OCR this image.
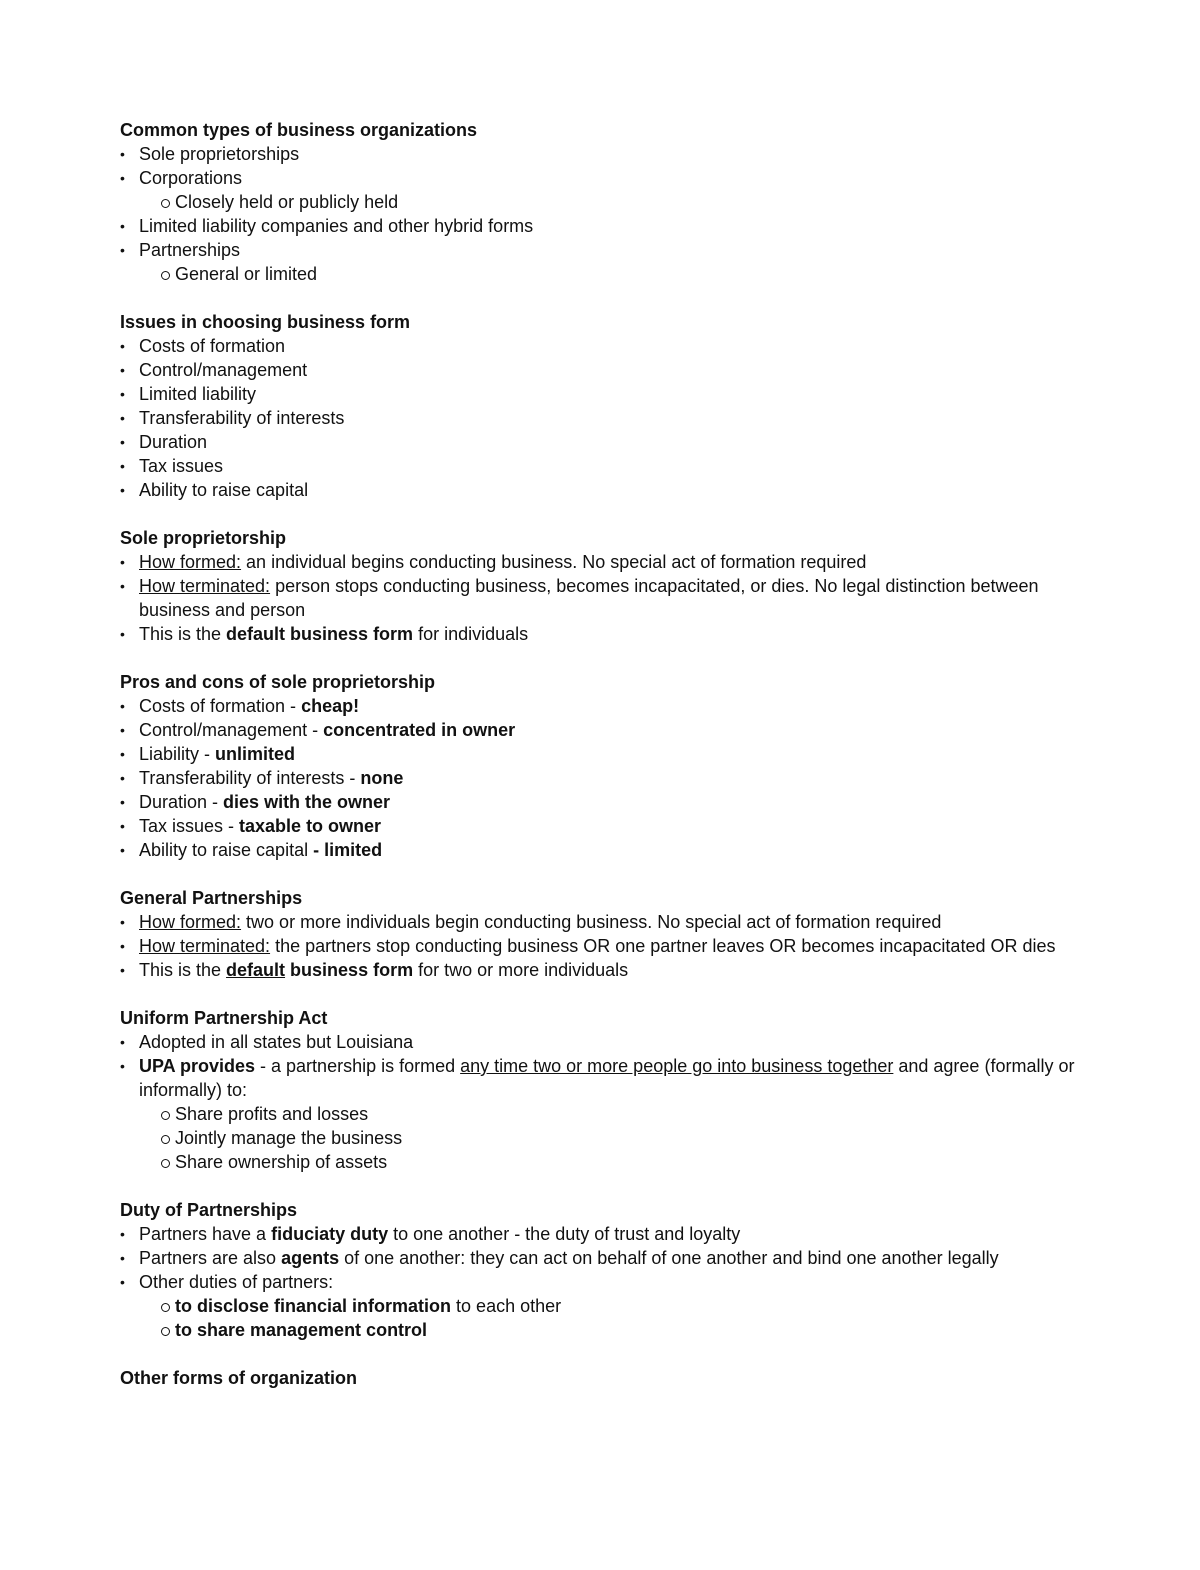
Common types of business organizations
• Sole proprietorships
• Corporations
Closely held or publicly held
• Limited liability companies and other hybrid forms
• Partnerships
General or limited
Issues in choosing business form
• Costs of formation
• Control/management
• Limited liability
• Transferability of interests
• Duration
• Tax issues
• Ability to raise capital
Sole proprietorship
• How formed: an individual begins conducting business. No special act of formation required
• How terminated: person stops conducting business, becomes incapacitated, or dies. No legal distinction between business and person
• This is the default business form for individuals
Pros and cons of sole proprietorship
• Costs of formation - cheap!
• Control/management - concentrated in owner
• Liability - unlimited
• Transferability of interests - none
• Duration - dies with the owner
• Tax issues - taxable to owner
• Ability to raise capital - limited
General Partnerships
• How formed: two or more individuals begin conducting business. No special act of formation required
• How terminated: the partners stop conducting business OR one partner leaves OR becomes incapacitated OR dies
• This is the default business form for two or more individuals
Uniform Partnership Act
• Adopted in all states but Louisiana
• UPA provides - a partnership is formed any time two or more people go into business together and agree (formally or informally) to:
Share profits and losses
Jointly manage the business
Share ownership of assets
Duty of Partnerships
• Partners have a fiduciaty duty to one another - the duty of trust and loyalty
• Partners are also agents of one another: they can act on behalf of one another and bind one another legally
• Other duties of partners:
to disclose financial information to each other
to share management control
Other forms of organization
